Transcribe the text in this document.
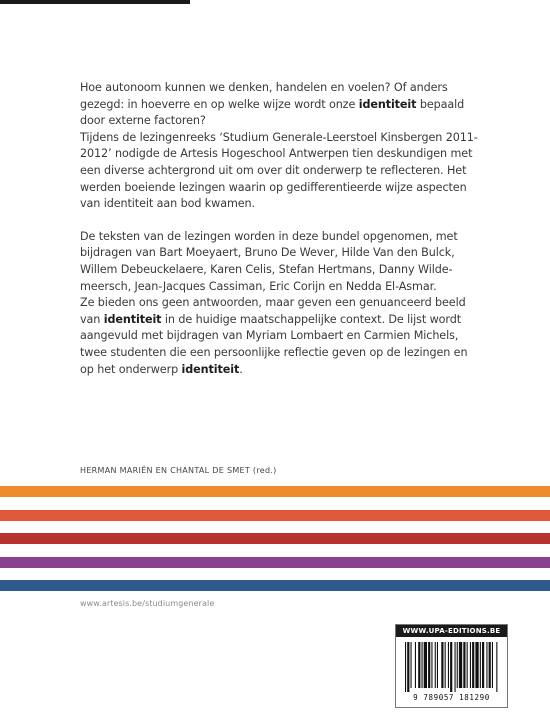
Hoe autonoom kunnen we denken, handelen en voelen? Of anders
gezegd: in hoeverre en op welke wijze wordt onze identiteit bepaald
door externe factoren?
Tijdens de lezingenreeks ‘Studium Generale-Leerstoel Kinsbergen 2011-
2012’ nodigde de Artesis Hogeschool Antwerpen tien deskundigen met
een diverse achtergrond uit om over dit onderwerp te reflecteren. Het
werden boeiende lezingen waarin op gedifferentieerde wijze aspecten
van identiteit aan bod kwamen.

De teksten van de lezingen worden in deze bundel opgenomen, met
bijdragen van Bart Moeyaert, Bruno De Wever, Hilde Van den Bulck,
Willem Debeuckelaere, Karen Celis, Stefan Hertmans, Danny Wilde-
meersch, Jean-Jacques Cassiman, Eric Corijn en Nedda El-Asmar.
Ze bieden ons geen antwoorden, maar geven een genuanceerd beeld
van identiteit in de huidige maatschappelijke context. De lijst wordt
aangevuld met bijdragen van Myriam Lombaert en Carmien Michels,
twee studenten die een persoonlijke reflectie geven op de lezingen en
op het onderwerp identiteit.

HERMAN MARIËN EN CHANTAL DE SMET (red.)
www.artesis.be/studiumgenerale
WWW.UPA-EDITIONS.BE
9 789057 181290
